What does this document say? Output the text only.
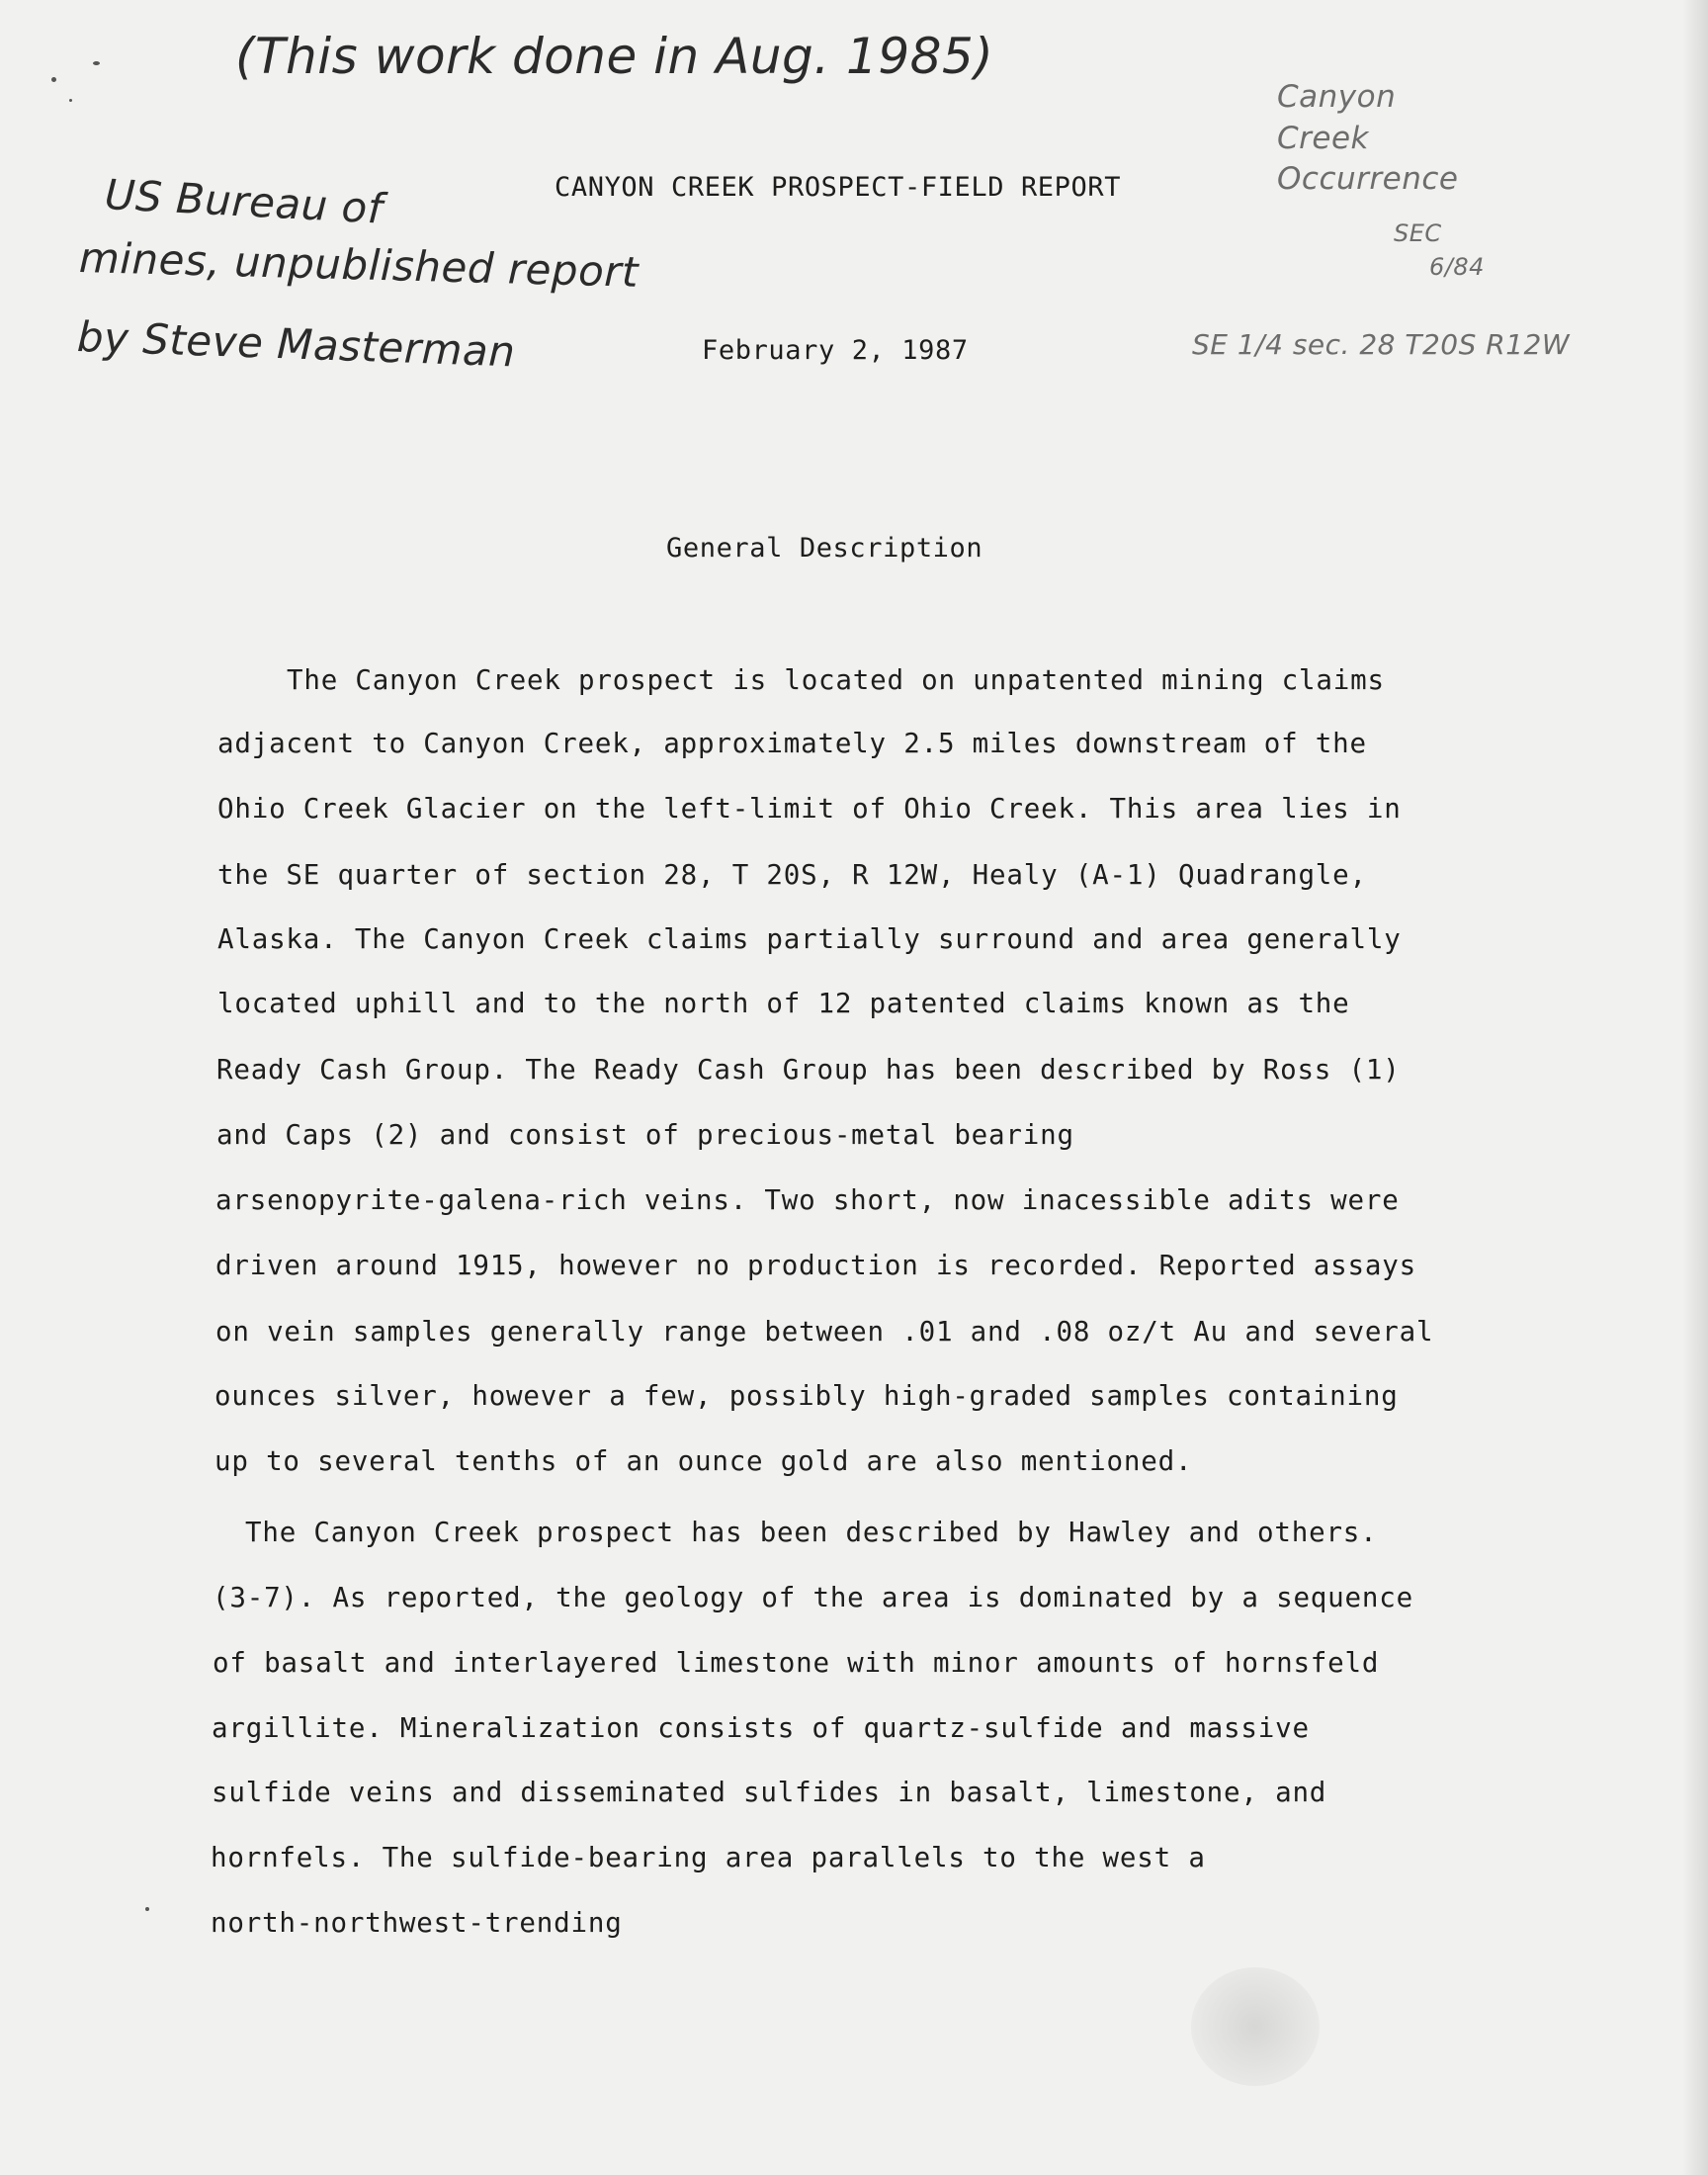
(This work done in Aug. 1985)
US Bureau of
mines, unpublished report
by Steve Masterman
Canyon
Creek
Occurrence
SEC
6/84
SE 1/4 sec. 28 T20S R12W
CANYON CREEK PROSPECT-FIELD REPORT
February 2, 1987
General Description
The Canyon Creek prospect is located on unpatented mining claims
adjacent to Canyon Creek, approximately 2.5 miles downstream of the
Ohio Creek Glacier on the left-limit of Ohio Creek. This area lies in
the SE quarter of section 28, T 20S, R 12W, Healy (A-1) Quadrangle,
Alaska. The Canyon Creek claims partially surround and area generally
located uphill and to the north of 12 patented claims known as the
Ready Cash Group. The Ready Cash Group has been described by Ross (1)
and Caps (2) and consist of precious-metal bearing
arsenopyrite-galena-rich veins. Two short, now inacessible adits were
driven around 1915, however no production is recorded. Reported assays
on vein samples generally range between .01 and .08 oz/t Au and several
ounces silver, however a few, possibly high-graded samples containing
up to several tenths of an ounce gold are also mentioned.
The Canyon Creek prospect has been described by Hawley and others.
(3-7). As reported, the geology of the area is dominated by a sequence
of basalt and interlayered limestone with minor amounts of hornsfeld
argillite. Mineralization consists of quartz-sulfide and massive
sulfide veins and disseminated sulfides in basalt, limestone, and
hornfels. The sulfide-bearing area parallels to the west a
north-northwest-trending
